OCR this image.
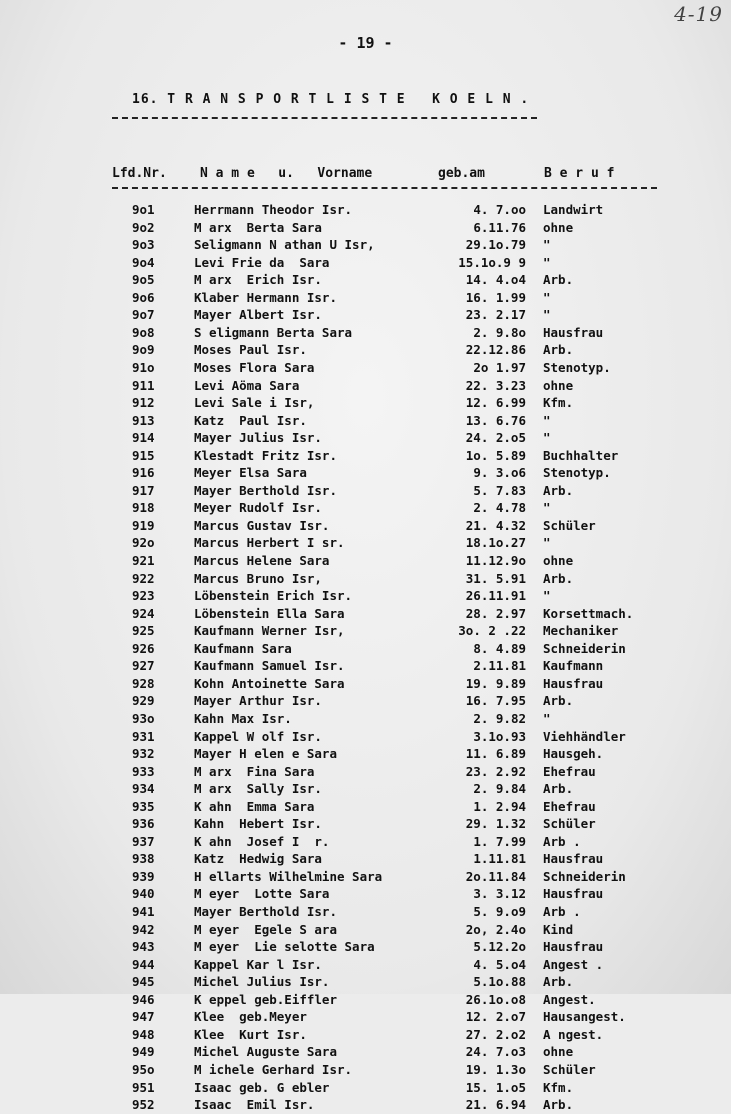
4-19
- 19 -
16. T R A N S P O R T L I S T E   K O E L N .
Lfd.Nr.	N a m e   u.   Vorname	geb.am	B e r u f
9o1	Herrmann Theodor Isr.	4. 7.oo Landwirt
9o2	M arx  Berta Sara	6.11.76 ohne
9o3	Seligmann N athan U Isr,	29.1o.79 "
9o4	Levi Frie da  Sara	15.1o.9 9 "
9o5	M arx  Erich Isr.	14. 4.o4 Arb.
9o6	Klaber Hermann Isr.	16. 1.99 "
9o7	Mayer Albert Isr.	23. 2.17 "
9o8	S eligmann Berta Sara	2. 9.8o Hausfrau
9o9	Moses Paul Isr.	22.12.86 Arb.
91o	Moses Flora Sara	2o 1.97 Stenotyp.
911	Levi Aöma Sara	22. 3.23 ohne
912	Levi Sale i Isr,	12. 6.99 Kfm.
913	Katz  Paul Isr.	13. 6.76 "
914	Mayer Julius Isr.	24. 2.o5 "
915	Klestadt Fritz Isr.	1o. 5.89 Buchhalter
916	Meyer Elsa Sara	9. 3.o6 Stenotyp.
917	Mayer Berthold Isr.	5. 7.83 Arb.
918	Meyer Rudolf Isr.	2. 4.78 "
919	Marcus Gustav Isr.	21. 4.32 Schüler
92o	Marcus Herbert I sr.	18.1o.27 "
921	Marcus Helene Sara	11.12.9o ohne
922	Marcus Bruno Isr,	31. 5.91 Arb.
923	Löbenstein Erich Isr.	26.11.91 "
924	Löbenstein Ella Sara	28. 2.97 Korsettmach.
925	Kaufmann Werner Isr,	3o. 2 .22 Mechaniker
926	Kaufmann Sara	8. 4.89 Schneiderin
927	Kaufmann Samuel Isr.	2.11.81 Kaufmann
928	Kohn Antoinette Sara	19. 9.89 Hausfrau
929	Mayer Arthur Isr.	16. 7.95 Arb.
93o	Kahn Max Isr.	2. 9.82 "
931	Kappel W olf Isr.	3.1o.93 Viehhändler
932	Mayer H elen e Sara	11. 6.89 Hausgeh.
933	M arx  Fina Sara	23. 2.92 Ehefrau
934	M arx  Sally Isr.	2. 9.84 Arb.
935	K ahn  Emma Sara	1. 2.94 Ehefrau
936	Kahn  Hebert Isr.	29. 1.32 Schüler
937	K ahn  Josef I  r.	1. 7.99 Arb .
938	Katz  Hedwig Sara	1.11.81 Hausfrau
939	H ellarts Wilhelmine Sara	2o.11.84 Schneiderin
940	M eyer  Lotte Sara	3. 3.12 Hausfrau
941	Mayer Berthold Isr.	5. 9.o9 Arb .
942	M eyer  Egele S ara	2o, 2.4o Kind
943	M eyer  Lie selotte Sara	5.12.2o Hausfrau
944	Kappel Kar l Isr.	4. 5.o4 Angest .
945	Michel Julius Isr.	5.1o.88 Arb.
946	K eppel geb.Eiffler	26.1o.o8 Angest.
947	Klee  geb.Meyer	12. 2.o7 Hausangest.
948	Klee  Kurt Isr.	27. 2.o2 A ngest.
949	Michel Auguste Sara	24. 7.o3 ohne
95o	M ichele Gerhard Isr.	19. 1.3o Schüler
951	Isaac geb. G ebler	15. 1.o5 Kfm.
952	Isaac  Emil Isr.	21. 6.94 Arb.
